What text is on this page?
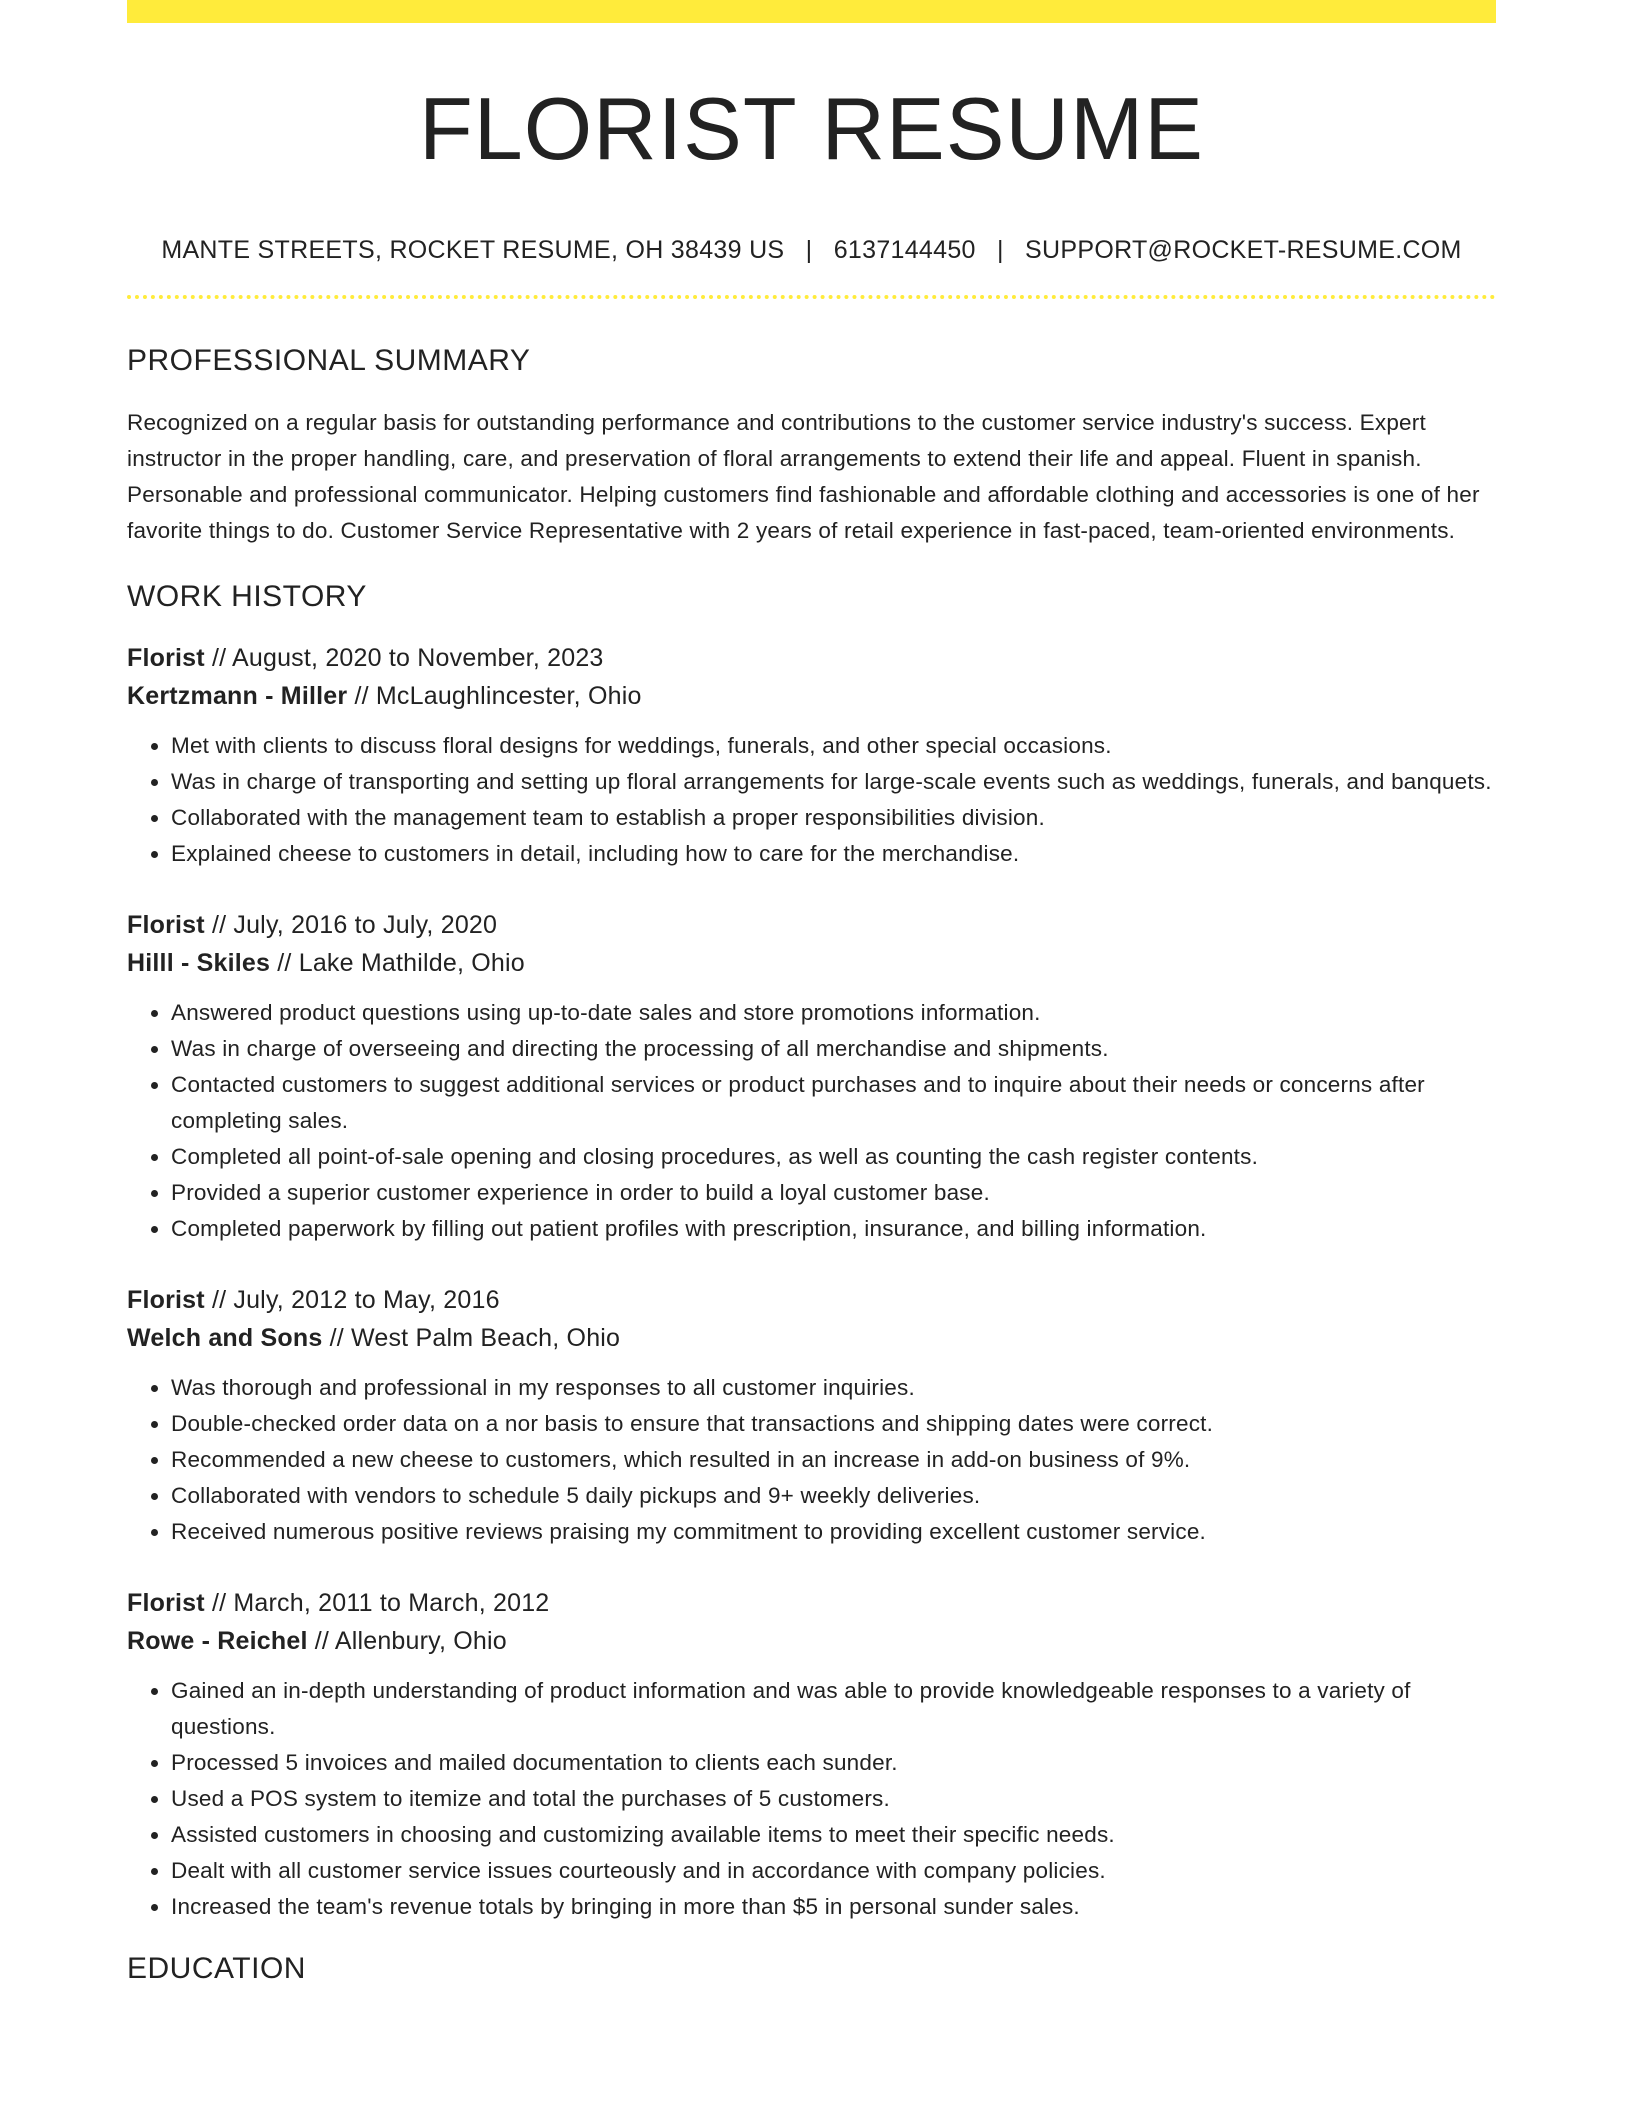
FLORIST RESUME
MANTE STREETS, ROCKET RESUME, OH 38439 US | 6137144450 | SUPPORT@ROCKET-RESUME.COM
PROFESSIONAL SUMMARY

Recognized on a regular basis for outstanding performance and contributions to the customer service industry's success. Expert instructor in the proper handling, care, and preservation of floral arrangements to extend their life and appeal. Fluent in spanish. Personable and professional communicator. Helping customers find fashionable and affordable clothing and accessories is one of her favorite things to do. Customer Service Representative with 2 years of retail experience in fast-paced, team-oriented environments.

WORK HISTORY
Florist // August, 2020 to November, 2023
Kertzmann - Miller // McLaughlincester, Ohio
• Met with clients to discuss floral designs for weddings, funerals, and other special occasions.
• Was in charge of transporting and setting up floral arrangements for large-scale events such as weddings, funerals, and banquets.
• Collaborated with the management team to establish a proper responsibilities division.
• Explained cheese to customers in detail, including how to care for the merchandise.
Florist // July, 2016 to July, 2020
Hilll - Skiles // Lake Mathilde, Ohio
• Answered product questions using up-to-date sales and store promotions information.
• Was in charge of overseeing and directing the processing of all merchandise and shipments.
• Contacted customers to suggest additional services or product purchases and to inquire about their needs or concerns after completing sales.
• Completed all point-of-sale opening and closing procedures, as well as counting the cash register contents.
• Provided a superior customer experience in order to build a loyal customer base.
• Completed paperwork by filling out patient profiles with prescription, insurance, and billing information.
Florist // July, 2012 to May, 2016
Welch and Sons // West Palm Beach, Ohio
• Was thorough and professional in my responses to all customer inquiries.
• Double-checked order data on a nor basis to ensure that transactions and shipping dates were correct.
• Recommended a new cheese to customers, which resulted in an increase in add-on business of 9%.
• Collaborated with vendors to schedule 5 daily pickups and 9+ weekly deliveries.
• Received numerous positive reviews praising my commitment to providing excellent customer service.
Florist // March, 2011 to March, 2012
Rowe - Reichel // Allenbury, Ohio
• Gained an in-depth understanding of product information and was able to provide knowledgeable responses to a variety of questions.
• Processed 5 invoices and mailed documentation to clients each sunder.
• Used a POS system to itemize and total the purchases of 5 customers.
• Assisted customers in choosing and customizing available items to meet their specific needs.
• Dealt with all customer service issues courteously and in accordance with company policies.
• Increased the team's revenue totals by bringing in more than $5 in personal sunder sales.
EDUCATION
